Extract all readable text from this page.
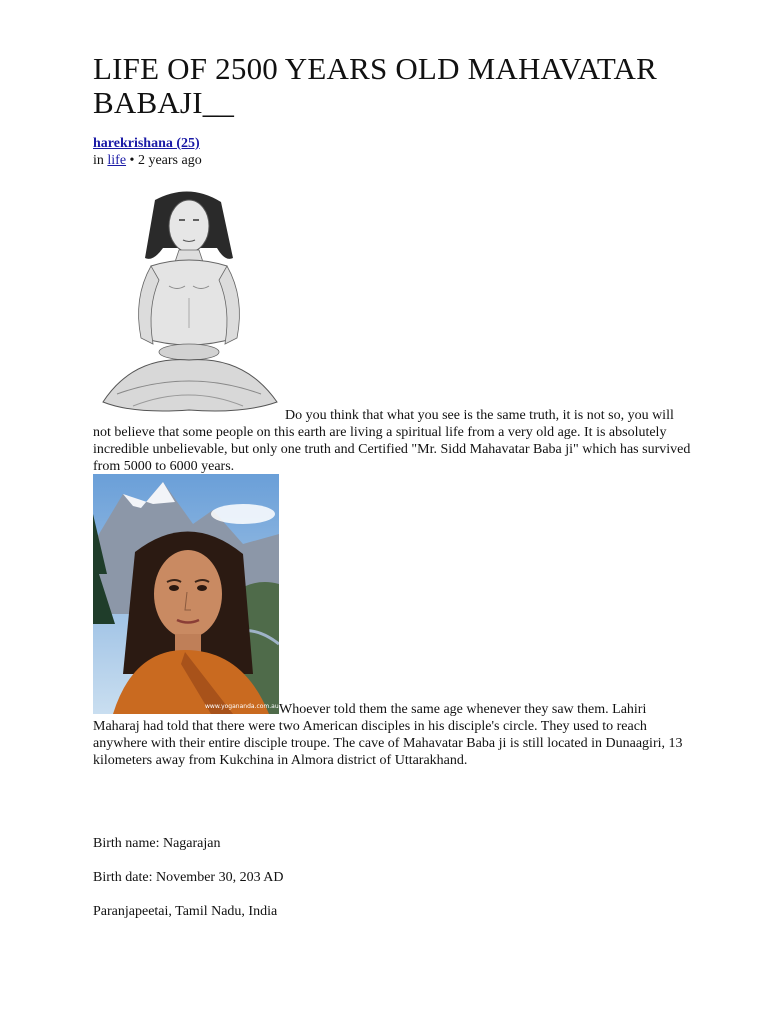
LIFE OF 2500 YEARS OLD MAHAVATAR BABAJI__
harekrishana (25)
in life • 2 years ago

Do you think that what you see is the same truth, it is not so, you will not believe that some people on this earth are living a spiritual life from a very old age. It is absolutely incredible unbelievable, but only one truth and Certified "Mr. Sidd Mahavatar Baba ji" which has survived from 5000 to 6000 years.

www.yogananda.com.au Whoever told them the same age whenever they saw them. Lahiri Maharaj had told that there were two American disciples in his disciple's circle. They used to reach anywhere with their entire disciple troupe. The cave of Mahavatar Baba ji is still located in Dunaagiri, 13 kilometers away from Kukchina in Almora district of Uttarakhand.

Birth name: Nagarajan

Birth date: November 30, 203 AD

Paranjapeetai, Tamil Nadu, India
